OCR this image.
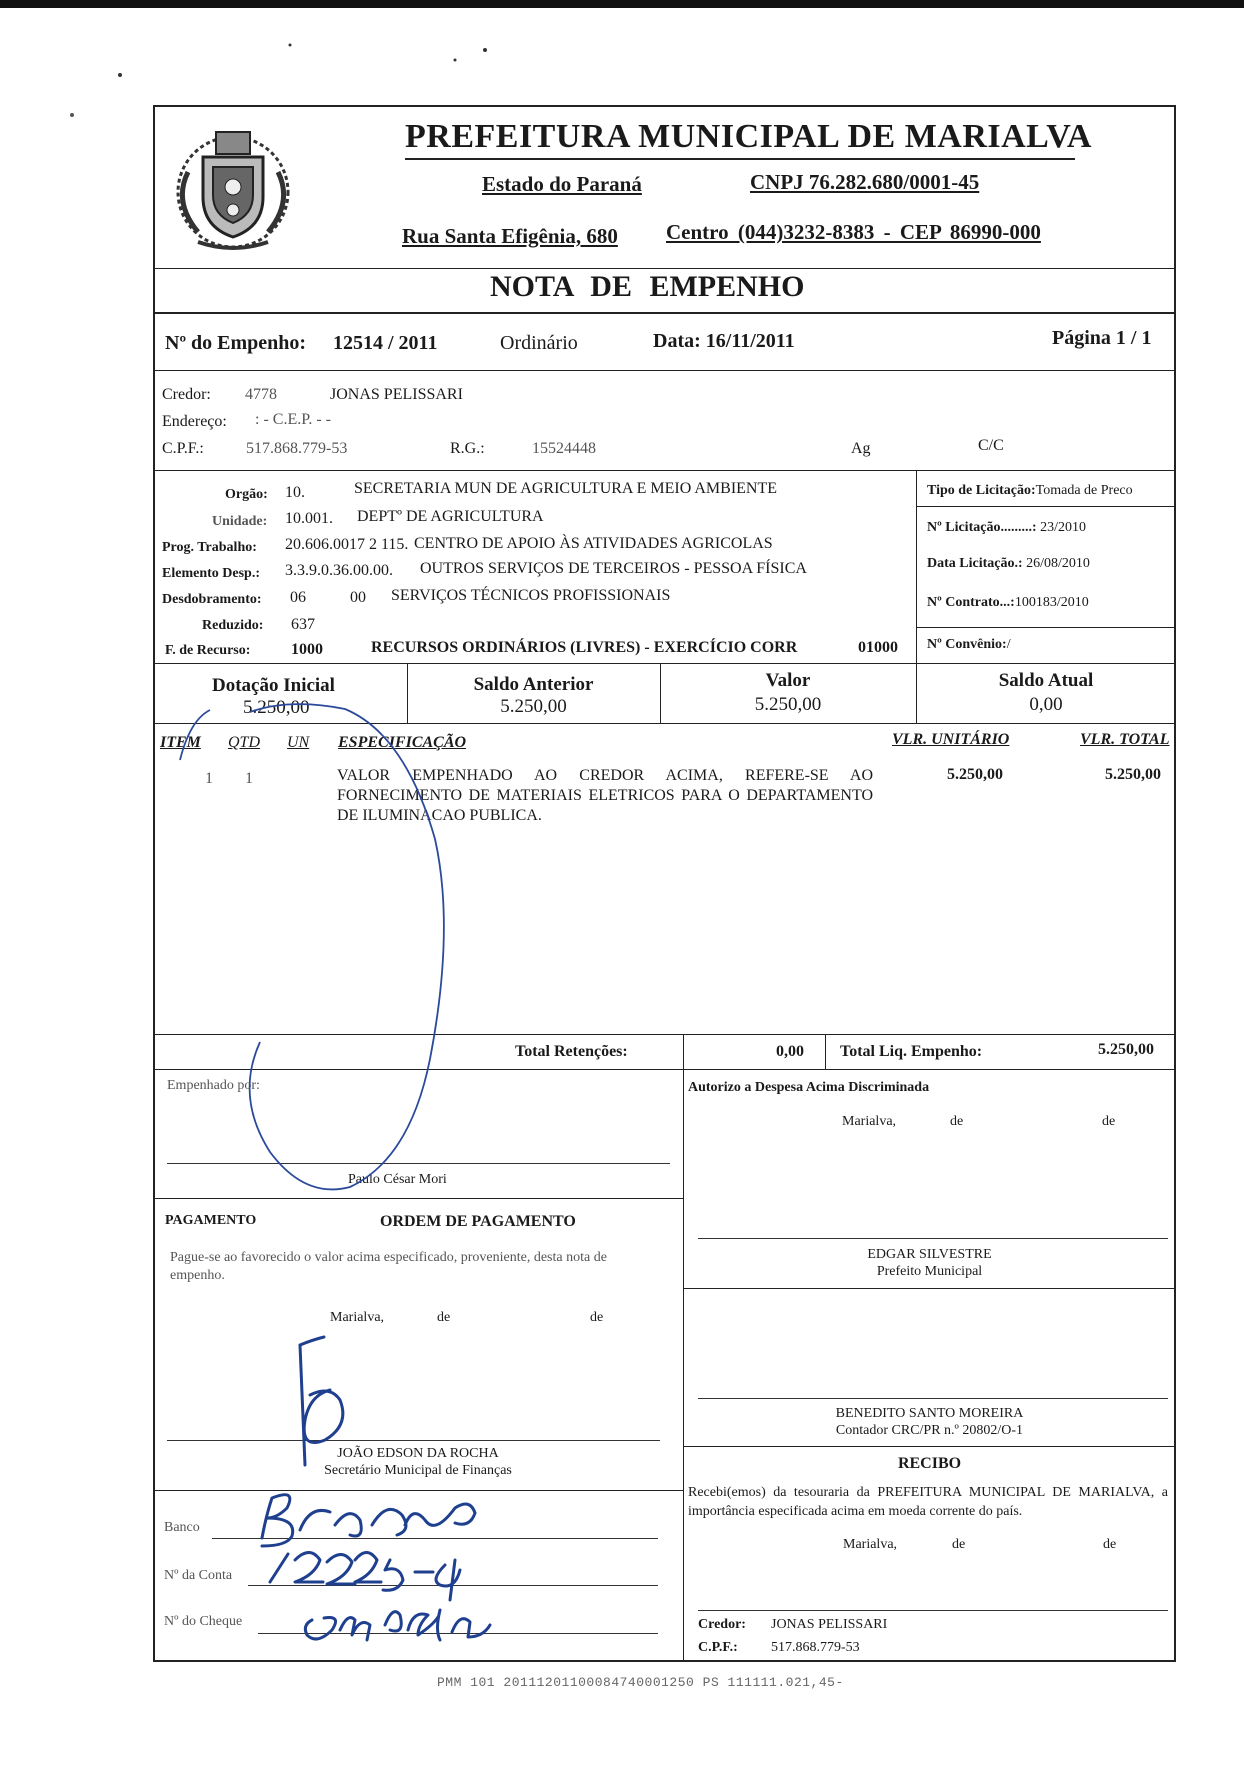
PREFEITURA MUNICIPAL DE MARIALVA
Estado do Paraná	CNPJ 76.282.680/0001-45
Rua Santa Efigênia, 680 Centro (044)3232-8383 - CEP 86990-000
NOTA DE EMPENHO
Nº do Empenho: 12514 / 2011	Ordinário	Data: 16/11/2011	Página 1 / 1
Credor: 4778	JONAS PELISSARI
Endereço: : - C.E.P. - -
C.P.F.:	517.868.779-53	R.G.:	15524448	Ag	C/C
Orgão: 10.	SECRETARIA MUN DE AGRICULTURA E MEIO AMBIENTE
Unidade: 10.001. DEPTº DE AGRICULTURA
Prog. Trabalho: 20.606.0017 2 115. CENTRO DE APOIO ÀS ATIVIDADES AGRICOLAS
Elemento Desp.: 3.3.9.0.36.00.00. OUTROS SERVIÇOS DE TERCEIROS - PESSOA FÍSICA
Desdobramento: 06	00 SERVIÇOS TÉCNICOS PROFISSIONAIS
Reduzido: 637
F. de Recurso:	1000	RECURSOS ORDINÁRIOS (LIVRES) - EXERCÍCIO CORR	01000
Tipo de Licitação:Tomada de Preco
Nº Licitação.........: 23/2010
Data Licitação.: 26/08/2010
Nº Contrato...:100183/2010
Nº Convênio:/
Dotação Inicial
5.250,00
Saldo Anterior
5.250,00
Valor
5.250,00
Saldo Atual
0,00
ITEM QTD UN ESPECIFICAÇÃO	VLR. UNITÁRIO	VLR. TOTAL
1 1	VALOR EMPENHADO AO CREDOR ACIMA, REFERE-SE AO FORNECIMENTO DE MATERIAIS ELETRICOS PARA O DEPARTAMENTO DE ILUMINACAO PUBLICA.
5.250,00	5.250,00
Total Retenções:	0,00 Total Liq. Empenho:	5.250,00
Empenhado por:
Paulo César Mori
Autorizo a Despesa Acima Discriminada
Marialva,	de	de
EDGAR SILVESTRE
Prefeito Municipal
PAGAMENTO	ORDEM DE PAGAMENTO
Pague-se ao favorecido o valor acima especificado, proveniente, desta nota de empenho.
Marialva,	de	de
BENEDITO SANTO MOREIRA
Contador CRC/PR n.º 20802/O-1
JOÃO EDSON DA ROCHA
Secretário Municipal de Finanças	RECIBO
Recebi(emos) da tesouraria da PREFEITURA MUNICIPAL DE MARIALVA, a importância especificada acima em moeda corrente do país.
Marialva,	de	de
Credor: JONAS PELISSARI
C.P.F.: 517.868.779-53
Banco
Nº da Conta
Nº do Cheque
PMM 101 20111201100084740001250 PS 111111.021,45-
